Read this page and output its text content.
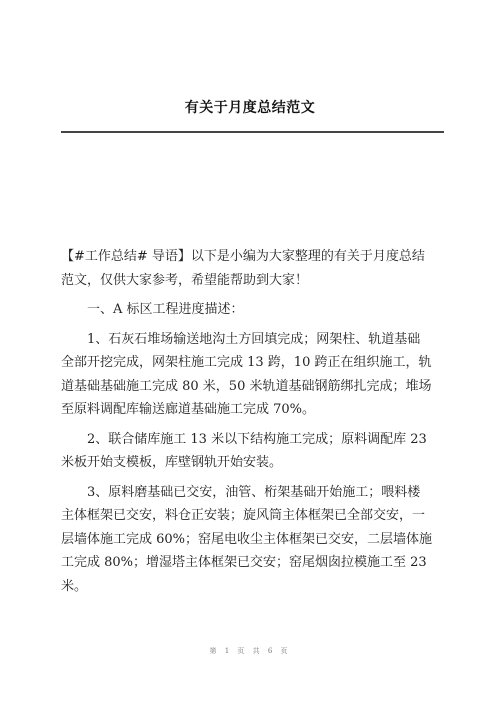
有关于月度总结范文
【#工作总结# 导语】以下是小编为大家整理的有关于月度总结
范文，仅供大家参考，希望能帮助到大家！
　　一、A 标区工程进度描述：
　　1、石灰石堆场输送地沟土方回填完成；网架柱、轨道基础
全部开挖完成，网架柱施工完成 13 跨，10 跨正在组织施工，轨
道基础基础施工完成 80 米，50 米轨道基础钢筋绑扎完成；堆场
至原料调配库输送廊道基础施工完成 70%。
　　2、联合储库施工 13 米以下结构施工完成；原料调配库 23
米板开始支模板，库壁钢轨开始安装。
　　3、原料磨基础已交安，油管、桁架基础开始施工；喂料楼
主体框架已交安，料仓正安装；旋风筒主体框架已全部交安，一
层墙体施工完成 60%；窑尾电收尘主体框架已交安，二层墙体施
工完成 80%；增湿塔主体框架已交安；窑尾烟囱拉模施工至 23
米。
第 1 页 共 6 页
